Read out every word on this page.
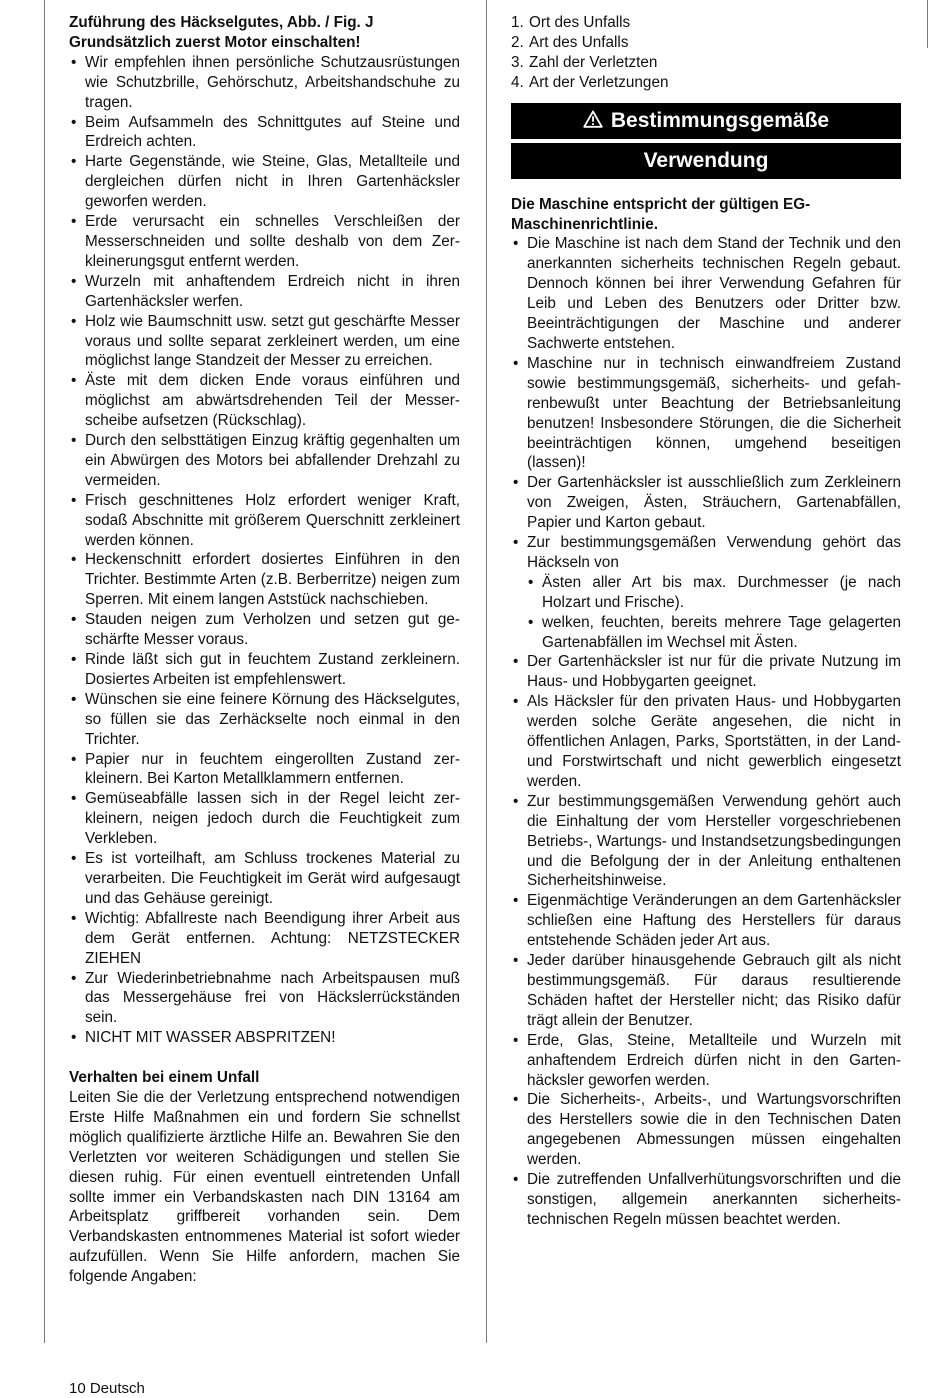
Zuführung des Häckselgutes, Abb. / Fig. J

Grundsätzlich zuerst Motor einschalten!

• Wir empfehlen ihnen persönliche Schutzausrüstungen wie Schutzbrille, Gehörschutz, Arbeitshandschuhe zu tragen.
• Beim Aufsammeln des Schnittgutes auf Steine und Erdreich achten.
• Harte Gegenstände, wie Steine, Glas, Metallteile und dergleichen dürfen nicht in Ihren Gartenhäcksler geworfen werden.
• Erde verursacht ein schnelles Verschleißen der Messerschneiden und sollte deshalb von dem Zerkleinerungsgut entfernt werden.
• Wurzeln mit anhaftendem Erdreich nicht in ihren Gartenhäcksler werfen.
• Holz wie Baumschnitt usw. setzt gut geschärfte Messer voraus und sollte separat zerkleinert werden, um eine möglichst lange Standzeit der Messer zu erreichen.
• Äste mit dem dicken Ende voraus einführen und möglichst am abwärtsdrehenden Teil der Messerscheibe aufsetzen (Rückschlag).
• Durch den selbsttätigen Einzug kräftig gegenhalten um ein Abwürgen des Motors bei abfallender Drehzahl zu vermeiden.
• Frisch geschnittenes Holz erfordert weniger Kraft, sodaß Abschnitte mit größerem Querschnitt zerkleinert werden können.
• Heckenschnitt erfordert dosiertes Einführen in den Trichter. Bestimmte Arten (z.B. Berberritze) neigen zum Sperren. Mit einem langen Aststück nachschieben.
• Stauden neigen zum Verholzen und setzen gut geschärfte Messer voraus.
• Rinde läßt sich gut in feuchtem Zustand zerkleinern. Dosiertes Arbeiten ist empfehlenswert.
• Wünschen sie eine feinere Körnung des Häckselgutes, so füllen sie das Zerhäckselte noch einmal in den Trichter.
• Papier nur in feuchtem eingerollten Zustand zerkleinern. Bei Karton Metallklammern entfernen.
• Gemüseabfälle lassen sich in der Regel leicht zerkleinern, neigen jedoch durch die Feuchtigkeit zum Verkleben.
• Es ist vorteilhaft, am Schluss trockenes Material zu verarbeiten. Die Feuchtigkeit im Gerät wird aufgesaugt und das Gehäuse gereinigt.
• Wichtig: Abfallreste nach Beendigung ihrer Arbeit aus dem Gerät entfernen. Achtung: NETZSTECKER ZIEHEN
• Zur Wiederinbetriebnahme nach Arbeitspausen muß das Messergehäuse frei von Häckslerrückständen sein.
• NICHT MIT WASSER ABSPRITZEN!

Verhalten bei einem Unfall

Leiten Sie die der Verletzung entsprechend notwendigen Erste Hilfe Maßnahmen ein und fordern Sie schnellst möglich qualifizierte ärztliche Hilfe an. Bewahren Sie den Verletzten vor weiteren Schädigungen und stellen Sie diesen ruhig. Für einen eventuell eintretenden Unfall sollte immer ein Verbandskasten nach DIN 13164 am Arbeitsplatz griffbereit vorhanden sein. Dem Verbandskasten entnommenes Material ist sofort wieder aufzufüllen. Wenn Sie Hilfe anfordern, machen Sie folgende Angaben:

1. Ort des Unfalls
2. Art des Unfalls
3. Zahl der Verletzten
4. Art der Verletzungen
Bestimmungsgemäße
Verwendung

Die Maschine entspricht der gültigen EG-Maschinenrichtlinie.

• Die Maschine ist nach dem Stand der Technik und den anerkannten sicherheits technischen Regeln gebaut. Dennoch können bei ihrer Verwendung Gefahren für Leib und Leben des Benutzers oder Dritter bzw. Beeinträchtigungen der Maschine und anderer Sachwerte entstehen.
• Maschine nur in technisch einwandfreiem Zustand sowie bestimmungsgemäß, sicherheits- und gefahrenbewußt unter Beachtung der Betriebsanleitung benutzen! Insbesondere Störungen, die die Sicherheit beeinträchtigen können, umgehend beseitigen (lassen)!
• Der Gartenhäcksler ist ausschließlich zum Zerkleinern von Zweigen, Ästen, Sträuchern, Gartenabfällen, Papier und Karton gebaut.
• Zur bestimmungsgemäßen Verwendung gehört das Häckseln von
• Ästen aller Art bis max. Durchmesser (je nach Holzart und Frische).
• welken, feuchten, bereits mehrere Tage gelagerten Gartenabfällen im Wechsel mit Ästen.
• Der Gartenhäcksler ist nur für die private Nutzung im Haus- und Hobbygarten geeignet.
• Als Häcksler für den privaten Haus- und Hobbygarten werden solche Geräte angesehen, die nicht in öffentlichen Anlagen, Parks, Sportstätten, in der Land- und Forstwirtschaft und nicht gewerblich eingesetzt werden.
• Zur bestimmungsgemäßen Verwendung gehört auch die Einhaltung der vom Hersteller vorgeschriebenen Betriebs-, Wartungs- und Instandsetzungsbedingungen und die Befolgung der in der Anleitung enthaltenen Sicherheitshinweise.
• Eigenmächtige Veränderungen an dem Gartenhäcksler schließen eine Haftung des Herstellers für daraus entstehende Schäden jeder Art aus.
• Jeder darüber hinausgehende Gebrauch gilt als nicht bestimmungsgemäß. Für daraus resultierende Schäden haftet der Hersteller nicht; das Risiko dafür trägt allein der Benutzer.
• Erde, Glas, Steine, Metallteile und Wurzeln mit anhaftendem Erdreich dürfen nicht in den Gartenhäcksler geworfen werden.
• Die Sicherheits-, Arbeits-, und Wartungsvorschriften des Herstellers sowie die in den Technischen Daten angegebenen Abmessungen müssen eingehalten werden.
• Die zutreffenden Unfallverhütungsvorschriften und die sonstigen, allgemein anerkannten sicherheitstechnischen Regeln müssen beachtet werden.
10 Deutsch
